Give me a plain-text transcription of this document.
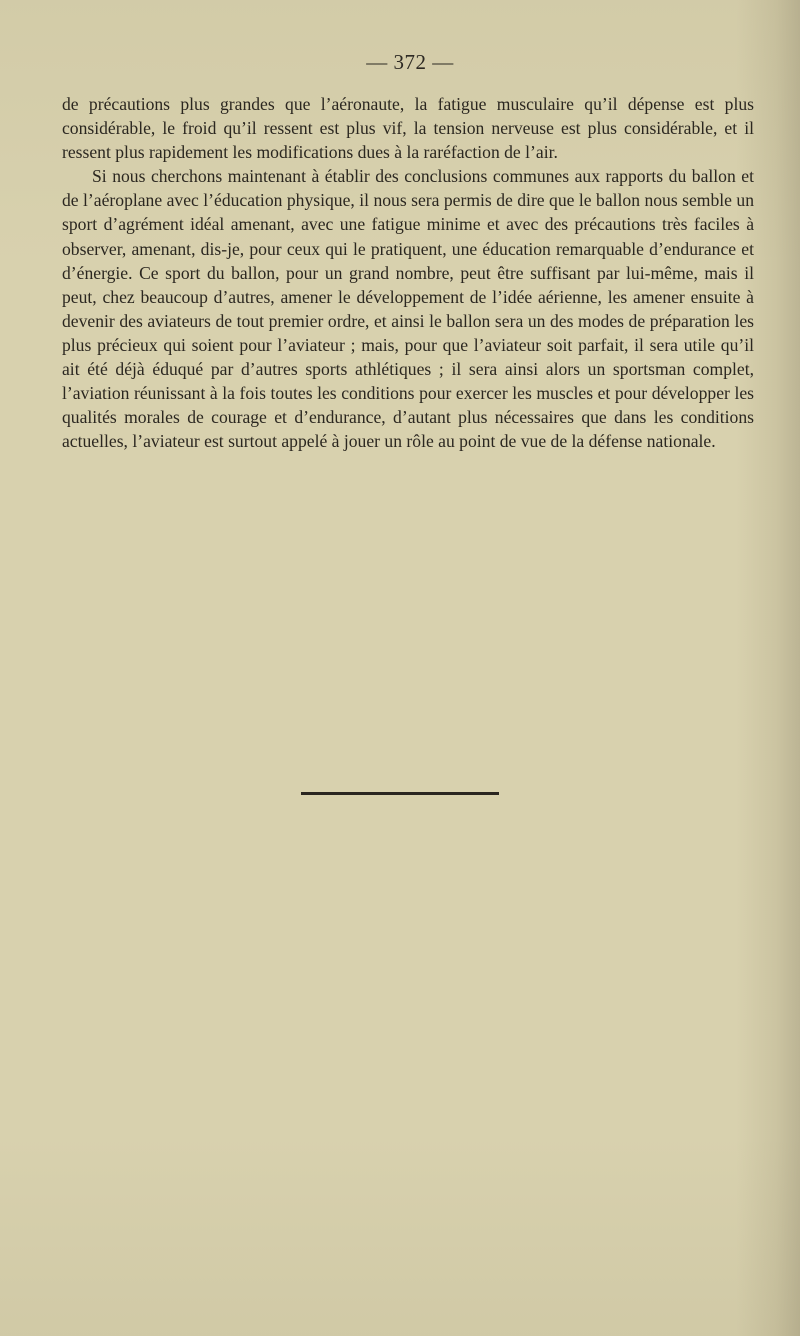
— 372 —

de précautions plus grandes que l’aéronaute, la fatigue musculaire qu’il dépense est plus considérable, le froid qu’il ressent est plus vif, la tension nerveuse est plus considérable, et il ressent plus rapidement les modifications dues à la raréfaction de l’air.

Si nous cherchons maintenant à établir des conclusions communes aux rapports du ballon et de l’aéroplane avec l’éducation physique, il nous sera permis de dire que le ballon nous semble un sport d’agrément idéal amenant, avec une fatigue minime et avec des précautions très faciles à observer, amenant, dis-je, pour ceux qui le pratiquent, une éducation remarquable d’endurance et d’énergie. Ce sport du ballon, pour un grand nombre, peut être suffisant par lui-même, mais il peut, chez beaucoup d’autres, amener le développement de l’idée aérienne, les amener ensuite à devenir des aviateurs de tout premier ordre, et ainsi le ballon sera un des modes de préparation les plus précieux qui soient pour l’aviateur ; mais, pour que l’aviateur soit parfait, il sera utile qu’il ait été déjà éduqué par d’autres sports athlétiques ; il sera ainsi alors un sportsman complet, l’aviation réunissant à la fois toutes les conditions pour exercer les muscles et pour développer les qualités morales de courage et d’endurance, d’autant plus nécessaires que dans les conditions actuelles, l’aviateur est surtout appelé à jouer un rôle au point de vue de la défense nationale.
